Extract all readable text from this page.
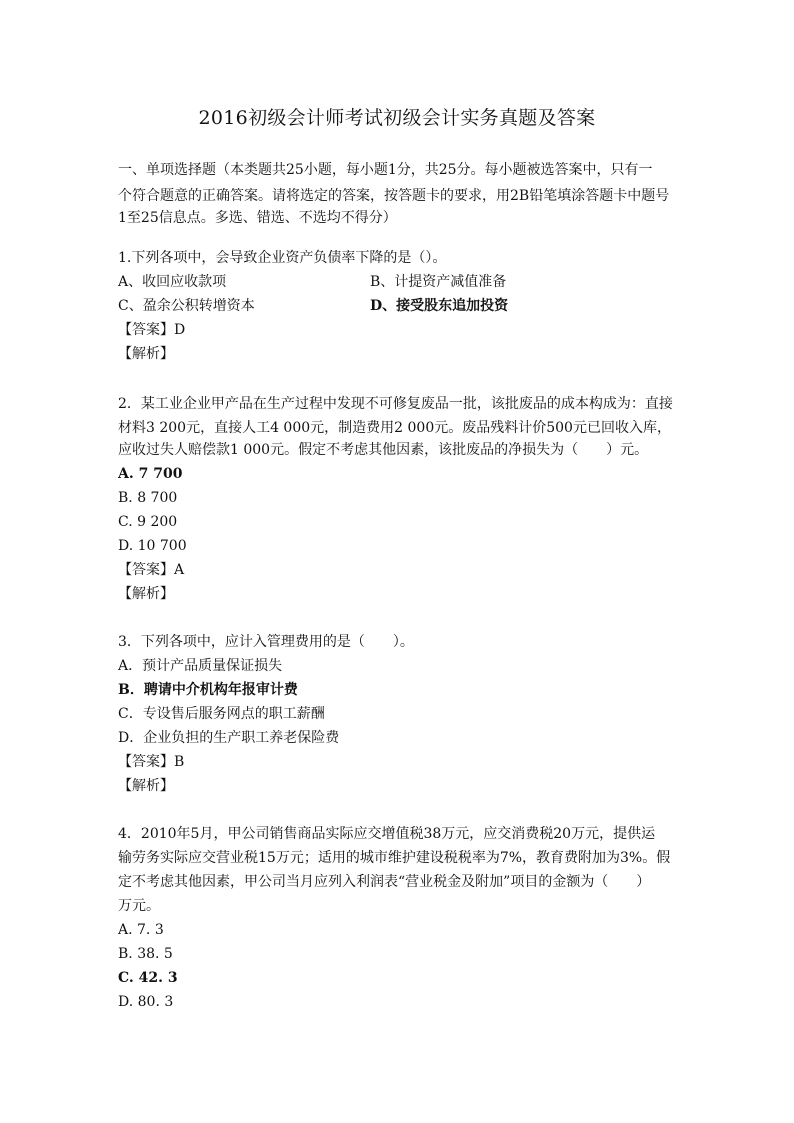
2016初级会计师考试初级会计实务真题及答案
一、单项选择题（本类题共25小题，每小题1分，共25分。每小题被选答案中，只有一
个符合题意的正确答案。请将选定的答案，按答题卡的要求，用2B铅笔填涂答题卡中题号
1至25信息点。多选、错选、不选均不得分）
1.下列各项中，会导致企业资产负债率下降的是（）。
A、收回应收款项	B、计提资产减值准备
C、盈余公积转增资本	D、接受股东追加投资
【答案】D
【解析】
2．某工业企业甲产品在生产过程中发现不可修复废品一批，该批废品的成本构成为：直接
材料3 200元，直接人工4 000元，制造费用2 000元。废品残料计价500元已回收入库，
应收过失人赔偿款1 000元。假定不考虑其他因素，该批废品的净损失为（　　）元。
A. 7 700
B. 8 700
C. 9 200
D. 10 700
【答案】A
【解析】
3．下列各项中，应计入管理费用的是（　　）。
A．预计产品质量保证损失
B．聘请中介机构年报审计费
C．专设售后服务网点的职工薪酬
D．企业负担的生产职工养老保险费
【答案】B
【解析】
4．2010年5月，甲公司销售商品实际应交增值税38万元，应交消费税20万元，提供运
输劳务实际应交营业税15万元；适用的城市维护建设税税率为7%，教育费附加为3%。假
定不考虑其他因素，甲公司当月应列入利润表“营业税金及附加”项目的金额为（　　）
万元。
A. 7. 3
B. 38. 5
C. 42. 3
D. 80. 3
